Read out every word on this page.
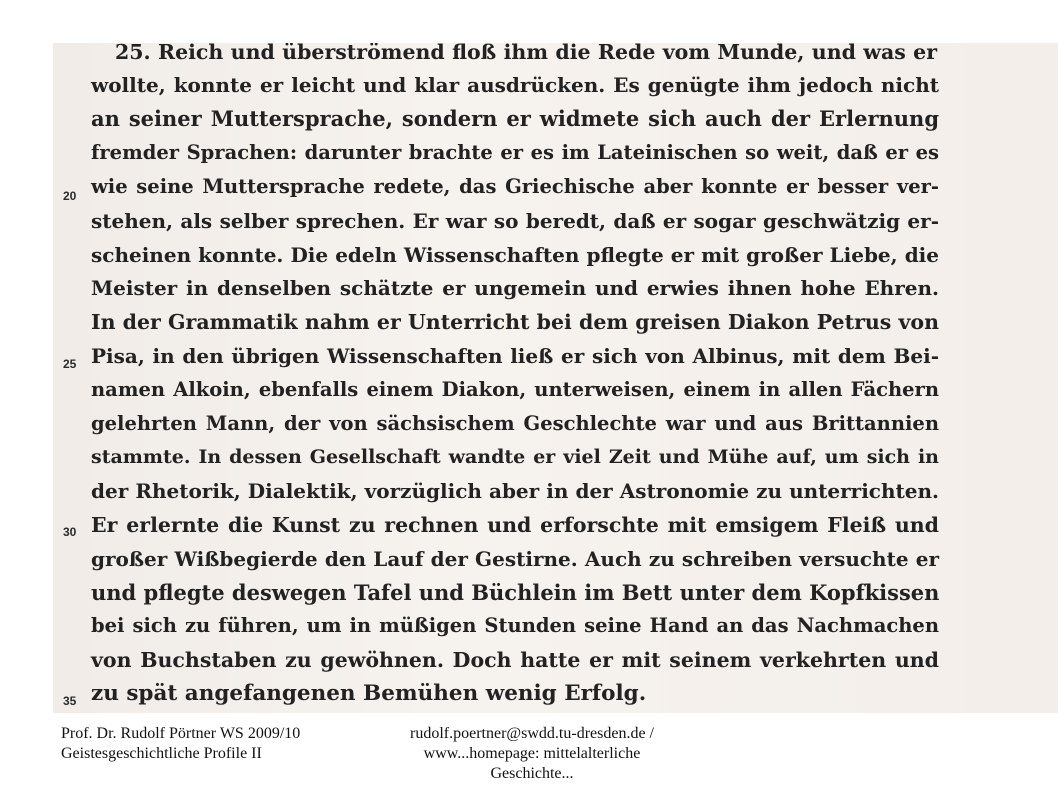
20
25
30
35
25. Reich und überströmend floß ihm die Rede vom Munde, und was er
wollte, konnte er leicht und klar ausdrücken. Es genügte ihm jedoch nicht
an seiner Muttersprache, sondern er widmete sich auch der Erlernung
fremder Sprachen: darunter brachte er es im Lateinischen so weit, daß er es
wie seine Muttersprache redete, das Griechische aber konnte er besser ver-
stehen, als selber sprechen. Er war so beredt, daß er sogar geschwätzig er-
scheinen konnte. Die edeln Wissenschaften pflegte er mit großer Liebe, die
Meister in denselben schätzte er ungemein und erwies ihnen hohe Ehren.
In der Grammatik nahm er Unterricht bei dem greisen Diakon Petrus von
Pisa, in den übrigen Wissenschaften ließ er sich von Albinus, mit dem Bei-
namen Alkoin, ebenfalls einem Diakon, unterweisen, einem in allen Fächern
gelehrten Mann, der von sächsischem Geschlechte war und aus Brittannien
stammte. In dessen Gesellschaft wandte er viel Zeit und Mühe auf, um sich in
der Rhetorik, Dialektik, vorzüglich aber in der Astronomie zu unterrichten.
Er erlernte die Kunst zu rechnen und erforschte mit emsigem Fleiß und
großer Wißbegierde den Lauf der Gestirne. Auch zu schreiben versuchte er
und pflegte deswegen Tafel und Büchlein im Bett unter dem Kopfkissen
bei sich zu führen, um in müßigen Stunden seine Hand an das Nachmachen
von Buchstaben zu gewöhnen. Doch hatte er mit seinem verkehrten und
zu spät angefangenen Bemühen wenig Erfolg.
Prof. Dr. Rudolf Pörtner WS 2009/10 Geistesgeschichtliche Profile II
rudolf.poertner@swdd.tu-dresden.de / www...homepage: mittelalterliche Geschichte...
